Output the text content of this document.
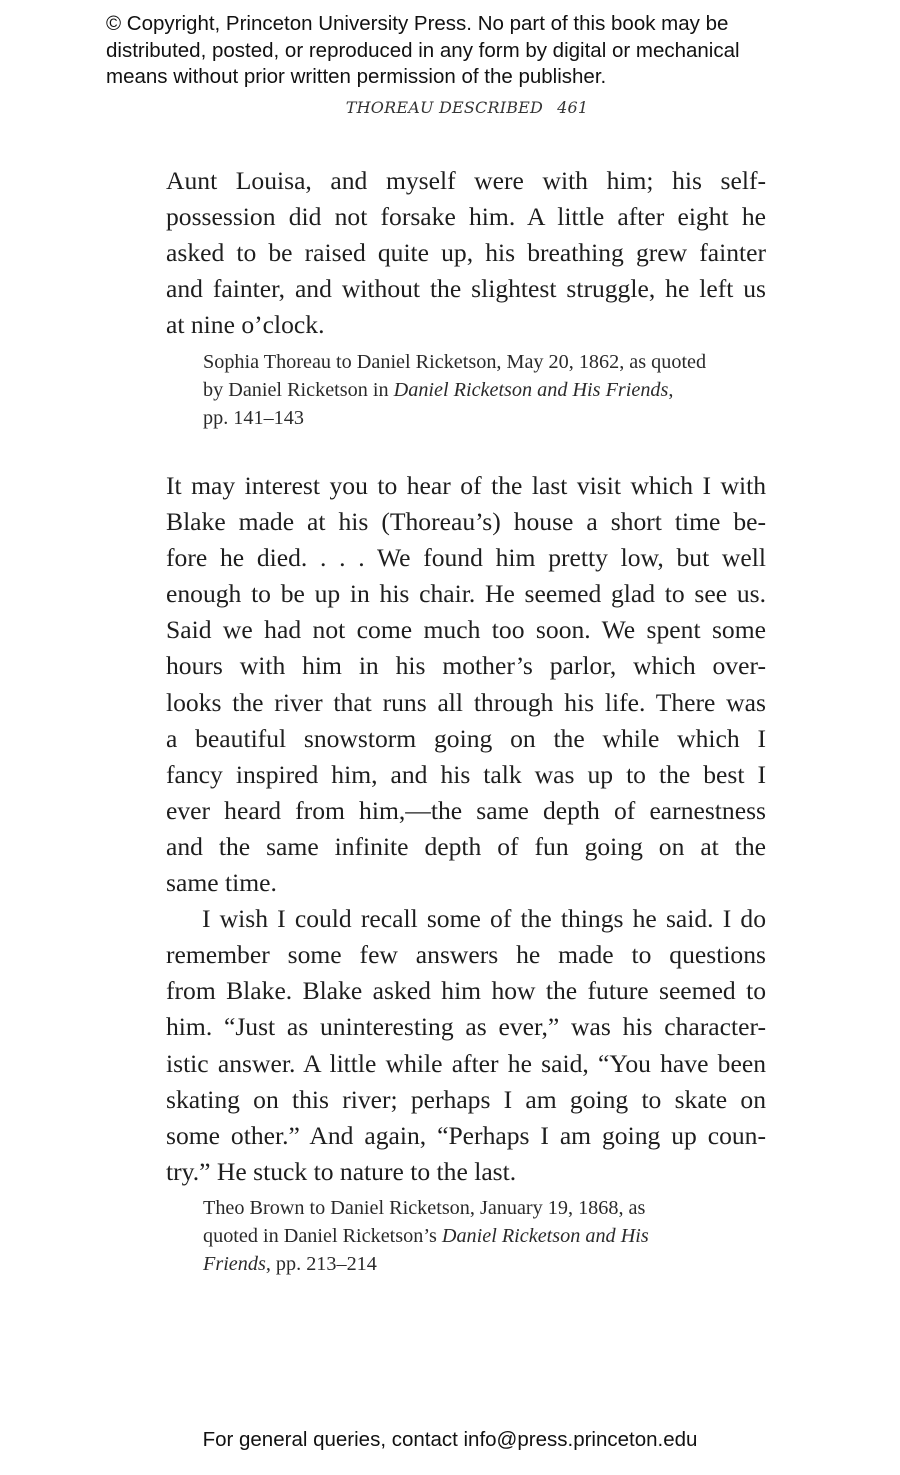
© Copyright, Princeton University Press. No part of this book may be
distributed, posted, or reproduced in any form by digital or mechanical
means without prior written permission of the publisher.
THOREAU DESCRIBED 461
Aunt Louisa, and myself were with him; his self-
possession did not forsake him. A little after eight he
asked to be raised quite up, his breathing grew fainter
and fainter, and without the slightest struggle, he left us
at nine o’clock.
Sophia Thoreau to Daniel Ricketson, May 20, 1862, as quoted
by Daniel Ricketson in Daniel Ricketson and His Friends,
pp. 141–143
It may interest you to hear of the last visit which I with
Blake made at his (Thoreau’s) house a short time be-
fore he died. . . . We found him pretty low, but well
enough to be up in his chair. He seemed glad to see us.
Said we had not come much too soon. We spent some
hours with him in his mother’s parlor, which over-
looks the river that runs all through his life. There was
a beautiful snowstorm going on the while which I
fancy inspired him, and his talk was up to the best I
ever heard from him,—the same depth of earnestness
and the same infinite depth of fun going on at the
same time.
I wish I could recall some of the things he said. I do
remember some few answers he made to questions
from Blake. Blake asked him how the future seemed to
him. “Just as uninteresting as ever,” was his character-
istic answer. A little while after he said, “You have been
skating on this river; perhaps I am going to skate on
some other.” And again, “Perhaps I am going up coun-
try.” He stuck to nature to the last.
Theo Brown to Daniel Ricketson, January 19, 1868, as
quoted in Daniel Ricketson’s Daniel Ricketson and His
Friends, pp. 213–214
For general queries, contact info@press.princeton.edu
